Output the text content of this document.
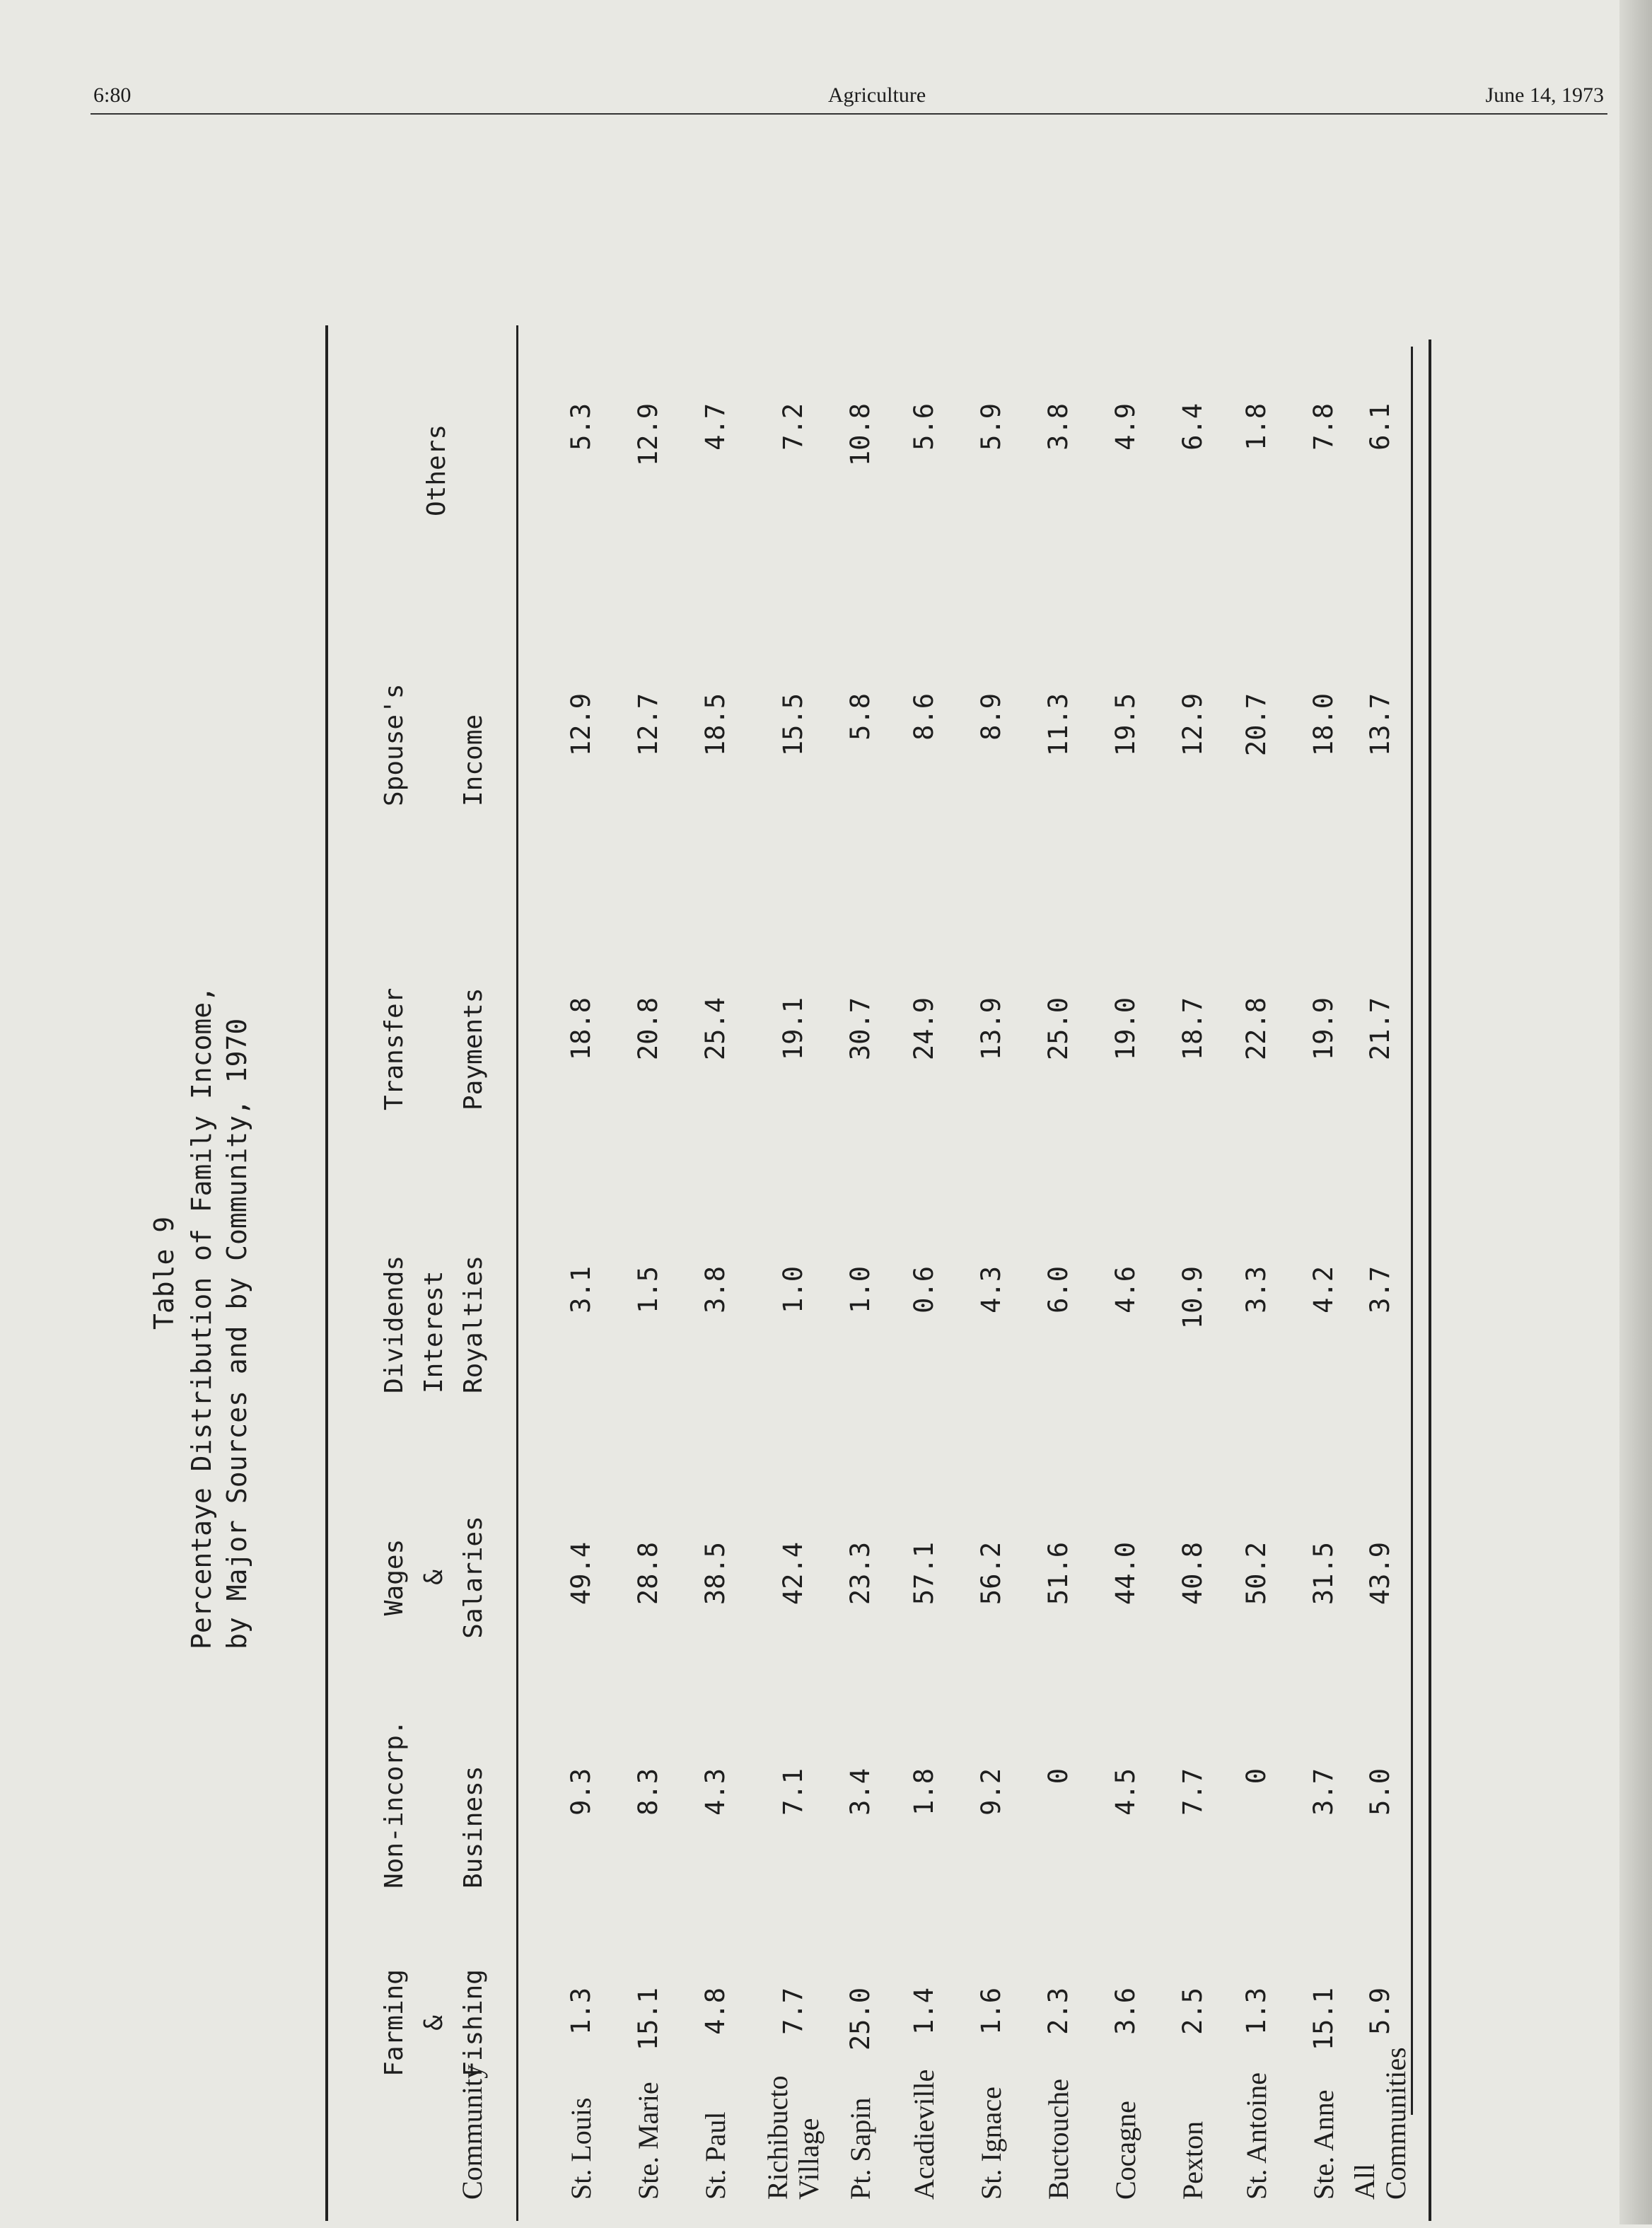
6:80	Agriculture	June 14, 1973
Table 9
Percentaye Distribution of Family Income,
by Major Sources and by Community, 1970
Community
Farming
&
Fishing
Non-incorp.

Business
Wages
&
Salaries
Dividends
Interest
Royalties
Transfer

Payments
Spouse's

Income
Others
St. Louis
1.3
9.3
49.4
3.1
18.8
12.9
5.3
Ste. Marie
15.1
8.3
28.8
1.5
20.8
12.7
12.9
St. Paul
4.8
4.3
38.5
3.8
25.4
18.5
4.7
Richibucto
Village
7.7
7.1
42.4
1.0
19.1
15.5
7.2
Pt. Sapin
25.0
3.4
23.3
1.0
30.7
5.8
10.8
Acadieville
1.4
1.8
57.1
0.6
24.9
8.6
5.6
St. Ignace
1.6
9.2
56.2
4.3
13.9
8.9
5.9
Buctouche
2.3
0
51.6
6.0
25.0
11.3
3.8
Cocagne
3.6
4.5
44.0
4.6
19.0
19.5
4.9
Pexton
2.5
7.7
40.8
10.9
18.7
12.9
6.4
St. Antoine
1.3
0
50.2
3.3
22.8
20.7
1.8
Ste. Anne
15.1
3.7
31.5
4.2
19.9
18.0
7.8
All
Communities
5.9
5.0
43.9
3.7
21.7
13.7
6.1
